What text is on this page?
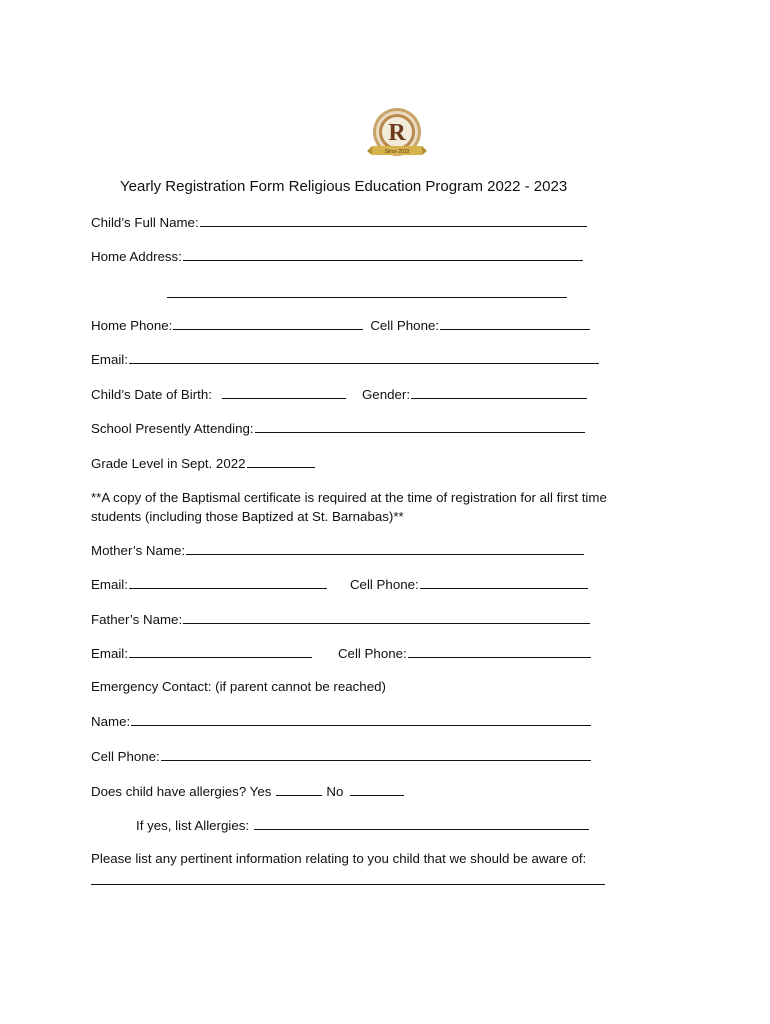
R
Since 2022
Yearly Registration Form Religious Education Program 2022 - 2023
Child’s Full Name:
Home Address:
Home Phone:	Cell Phone:
Email:
Child’s Date of Birth:	Gender:
School Presently Attending:
Grade Level in Sept. 2022
**A copy of the Baptismal certificate is required at the time of registration for all first time students (including those Baptized at St. Barnabas)**
Mother’s Name:
Email:	Cell Phone:
Father’s Name:
Email:	Cell Phone:
Emergency Contact: (if parent cannot be reached)
Name:
Cell Phone:
Does child have allergies? Yes	No
If yes, list Allergies:
Please list any pertinent information relating to you child that we should be aware of:
